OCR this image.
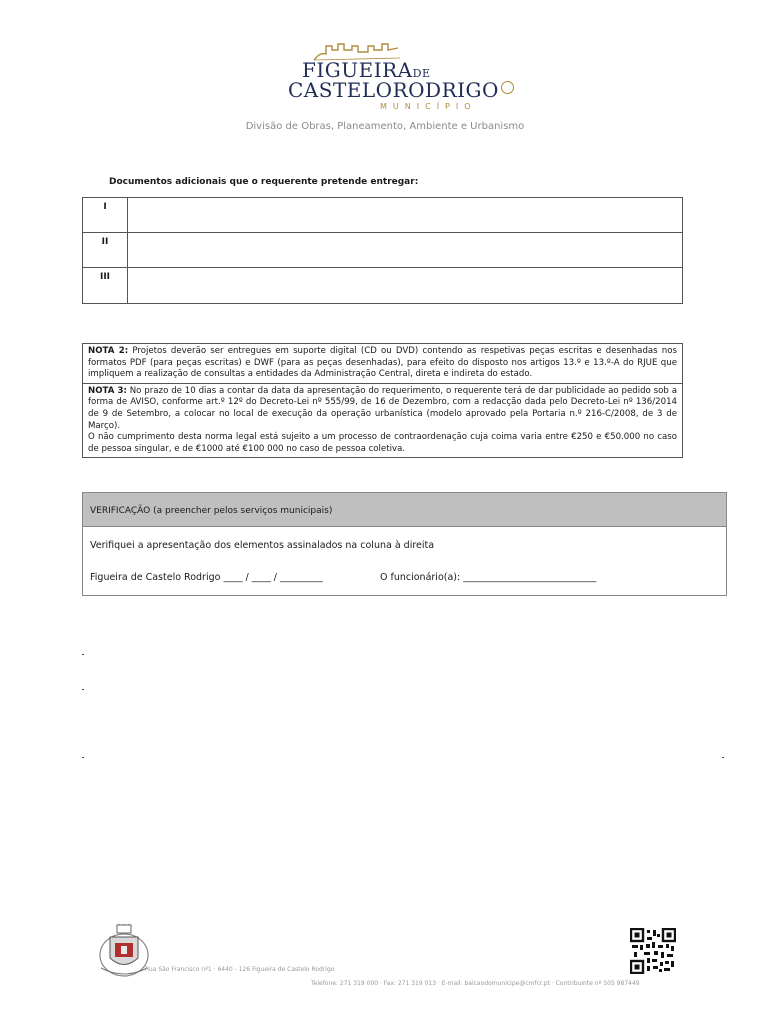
FIGUEIRADE
CASTELORODRIGO
MUNICÍPIO
Divisão de Obras, Planeamento, Ambiente e Urbanismo
Documentos adicionais que o requerente pretende entregar:
I
II
III
NOTA 2: Projetos deverão ser entregues em suporte digital (CD ou DVD) contendo as respetivas peças escritas e desenhadas nos formatos PDF (para peças escritas) e DWF (para as peças desenhadas), para efeito do disposto nos artigos 13.º e 13.º-A do RJUE que impliquem a realização de consultas a entidades da Administração Central, direta e indireta do estado.
NOTA 3: No prazo de 10 dias a contar da data da apresentação do requerimento, o requerente terá de dar publicidade ao pedido sob a forma de AVISO, conforme art.º 12º do Decreto-Lei nº 555/99, de 16 de Dezembro, com a redacção dada pelo Decreto-Lei nº 136/2014 de 9 de Setembro, a colocar no local de execução da operação urbanística (modelo aprovado pela Portaria n.º 216-C/2008, de 3 de Março).
O não cumprimento desta norma legal está sujeito a um processo de contraordenação cuja coima varia entre €250 e €50.000 no caso de pessoa singular, e de €1000 até €100 000 no caso de pessoa coletiva.
VERIFICAÇÃO (a preencher pelos serviços municipais)
Verifiquei a apresentação dos elementos assinalados na coluna à direita
Figueira de Castelo Rodrigo ____ / ____ / _________	O funcionário(a): ____________________________
Rua São Francisco nº1 · 6440 - 126 Figueira de Castelo Rodrigo
Telefone: 271 319 000 · Fax: 271 319 013 · E-mail: balcaodomunicipe@cmfcr.pt · Contribuinte nº 505 987449
